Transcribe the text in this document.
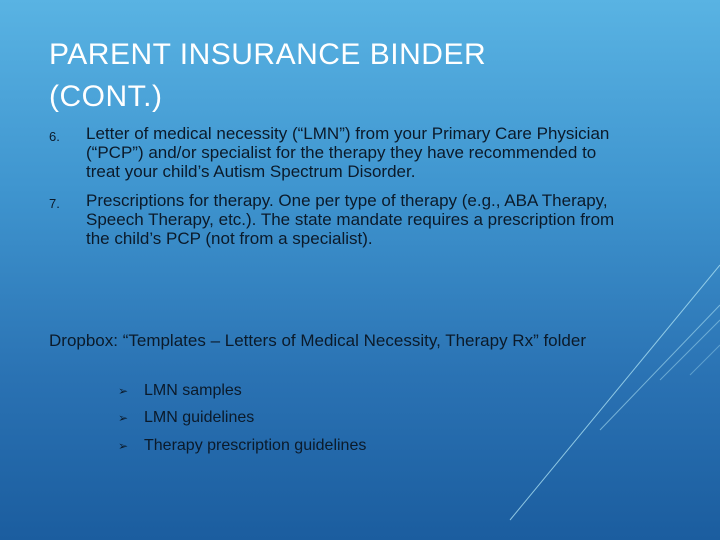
PARENT INSURANCE BINDER
(CONT.)
6.	Letter of medical necessity (“LMN”) from your Primary Care Physician (“PCP”) and/or specialist for the therapy they have recommended to treat your child’s Autism Spectrum Disorder.
7.	Prescriptions for therapy. One per type of therapy (e.g., ABA Therapy, Speech Therapy, etc.). The state mandate requires a prescription from the child’s PCP (not from a specialist).

Dropbox: “Templates – Letters of Medical Necessity, Therapy Rx” folder

➢ LMN samples
➢ LMN guidelines
➢ Therapy prescription guidelines
